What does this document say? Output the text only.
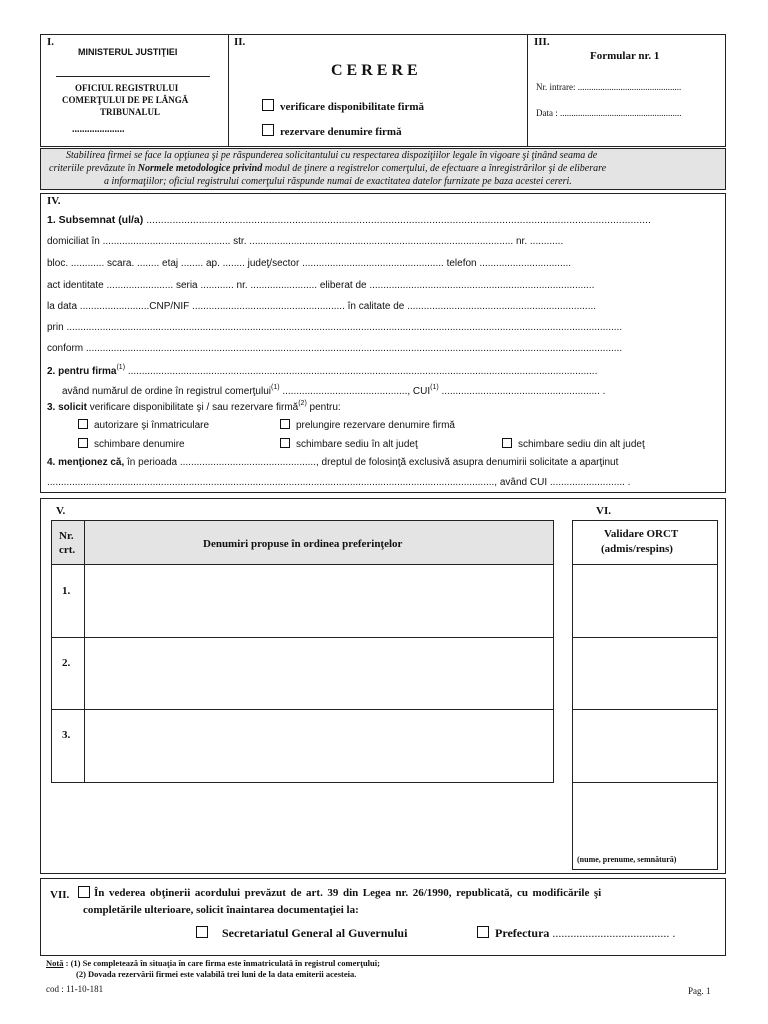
I.
MINISTERUL JUSTIŢIEI
OFICIUL REGISTRULUI
COMERŢULUI DE PE LÂNGĂ
TRIBUNALUL
.....................
II.
C E R E R E
verificare disponibilitate firmă
rezervare denumire firmă
III.
Formular nr. 1
Nr. intrare: ..............................................
Data : ......................................................
Stabilirea firmei se face la opţiunea şi pe răspunderea solicitantului cu respectarea dispoziţiilor legale în vigoare şi ţinând seama de
criteriile prevăzute în Normele metodologice privind modul de ţinere a registrelor comerţului, de efectuare a înregistrărilor şi de eliberare
a informaţiilor; oficiul registrului comerţului răspunde numai de exactitatea datelor furnizate pe baza acestei cereri.
IV.
1. Subsemnat (ul/a) .............................................................................................................................................................................
domiciliat în .............................................. str. ............................................................................................... nr. ............
bloc. ............ scara. ........ etaj ........ ap. ........ judeţ/sector ................................................... telefon .................................
act identitate ........................ seria ............ nr. ........................ eliberat de .................................................................................
la data .........................CNP/NIF ....................................................... în calitate de ....................................................................
prin ........................................................................................................................................................................................................
conform .................................................................................................................................................................................................
2. pentru firma$^{(1)}$ .........................................................................................................................................................................
având numărul de ordine în registrul comerţului$^{(1)}$ ............................................., CUI$^{(1)}$ ......................................................... .
3. solicit verificare disponibilitate şi / sau rezervare firmă$^{(2)}$ pentru:
autorizare şi înmatriculare	prelungire rezervare denumire firmă
schimbare denumire	schimbare sediu în alt judeţ	schimbare sediu din alt judeţ
4. menţionez că, în perioada ................................................., dreptul de folosinţă exclusivă asupra denumirii solicitate a aparţinut
................................................................................................................................................................., având CUI ........................... .
V.	VI.
Nr.
crt.	Denumiri propuse în ordinea preferinţelor
1.
2.
3.
Validare ORCT
(admis/respins)
(nume, prenume, semnătură)
VII. În vederea obţinerii acordului prevăzut de art. 39 din Legea nr. 26/1990, republicată, cu modificările şi
completările ulterioare, solicit înaintarea documentaţiei la:
Secretariatul General al Guvernului	Prefectura ....................................... .
Notă : (1) Se completează în situaţia în care firma este înmatriculată în registrul comerţului;
(2) Dovada rezervării firmei este valabilă trei luni de la data emiterii acesteia.
cod : 11-10-181	Pag. 1
